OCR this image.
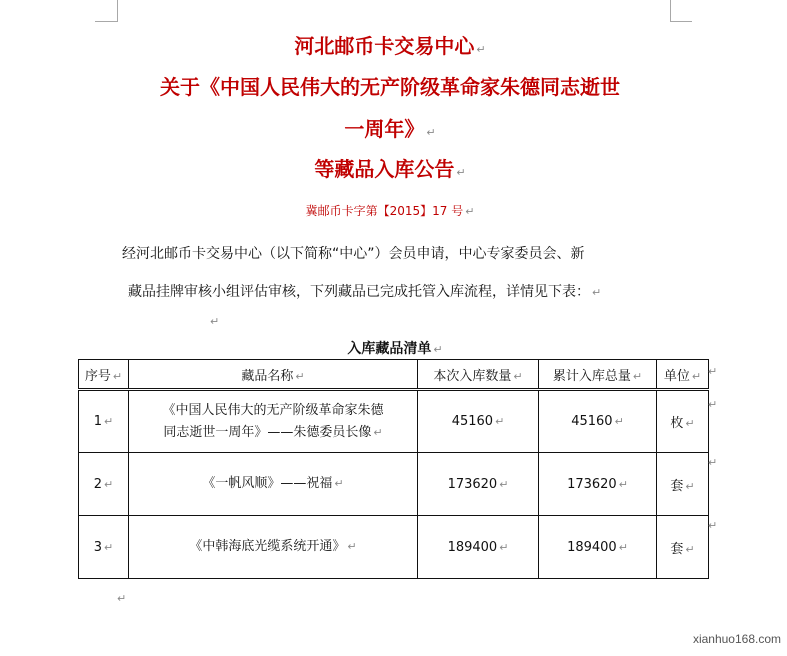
河北邮币卡交易中心 ↵
关于《中国人民伟大的无产阶级革命家朱德同志逝世
一周年》 ↵
等藏品入库公告 ↵
冀邮币卡字第【2015】17 号 ↵
经河北邮币卡交易中心（以下简称“中心”）会员申请，中心专家委员会、新
藏品挂牌审核小组评估审核，下列藏品已完成托管入库流程，详情见下表： ↵
↵
入库藏品清单 ↵
序号 ↵	藏品名称 ↵	本次入库数量 ↵	累计入库总量 ↵	单位 ↵
1 ↵	《中国人民伟大的无产阶级革命家朱德
同志逝世一周年》——朱德委员长像 ↵	45160 ↵	45160 ↵	枚 ↵
2 ↵	《一帆风顺》——祝福 ↵	173620 ↵	173620 ↵	套 ↵
3 ↵	《中韩海底光缆系统开通》 ↵	189400 ↵	189400 ↵	套 ↵
↵
↵
↵
↵
↵
xianhuo168.com
